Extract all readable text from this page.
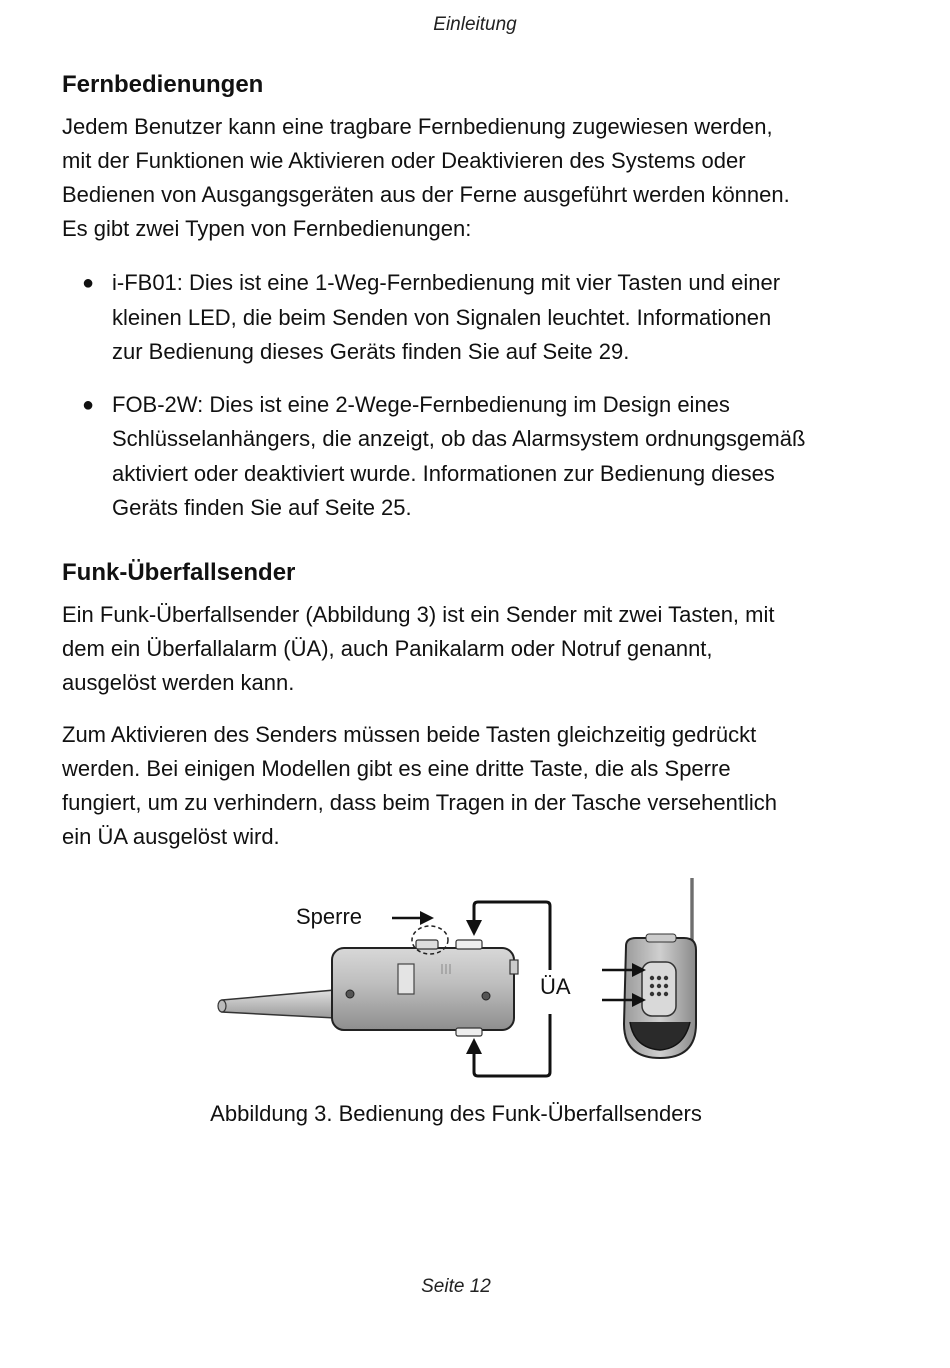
Einleitung
Fernbedienungen

Jedem Benutzer kann eine tragbare Fernbedienung zugewiesen werden,
mit der Funktionen wie Aktivieren oder Deaktivieren des Systems oder
Bedienen von Ausgangsgeräten aus der Ferne ausgeführt werden können.
Es gibt zwei Typen von Fernbedienungen:

● i-FB01: Dies ist eine 1-Weg-Fernbedienung mit vier Tasten und einer
kleinen LED, die beim Senden von Signalen leuchtet. Informationen
zur Bedienung dieses Geräts finden Sie auf Seite 29.
● FOB-2W: Dies ist eine 2-Wege-Fernbedienung im Design eines
Schlüsselanhängers, die anzeigt, ob das Alarmsystem ordnungsgemäß
aktiviert oder deaktiviert wurde. Informationen zur Bedienung dieses
Geräts finden Sie auf Seite 25.
Funk-Überfallsender

Ein Funk-Überfallsender (Abbildung 3) ist ein Sender mit zwei Tasten, mit
dem ein Überfallalarm (ÜA), auch Panikalarm oder Notruf genannt,
ausgelöst werden kann.

Zum Aktivieren des Senders müssen beide Tasten gleichzeitig gedrückt
werden. Bei einigen Modellen gibt es eine dritte Taste, die als Sperre
fungiert, um zu verhindern, dass beim Tragen in der Tasche versehentlich
ein ÜA ausgelöst wird.

Sperre
ÜA
Abbildung 3. Bedienung des Funk-Überfallsenders
Seite 12
